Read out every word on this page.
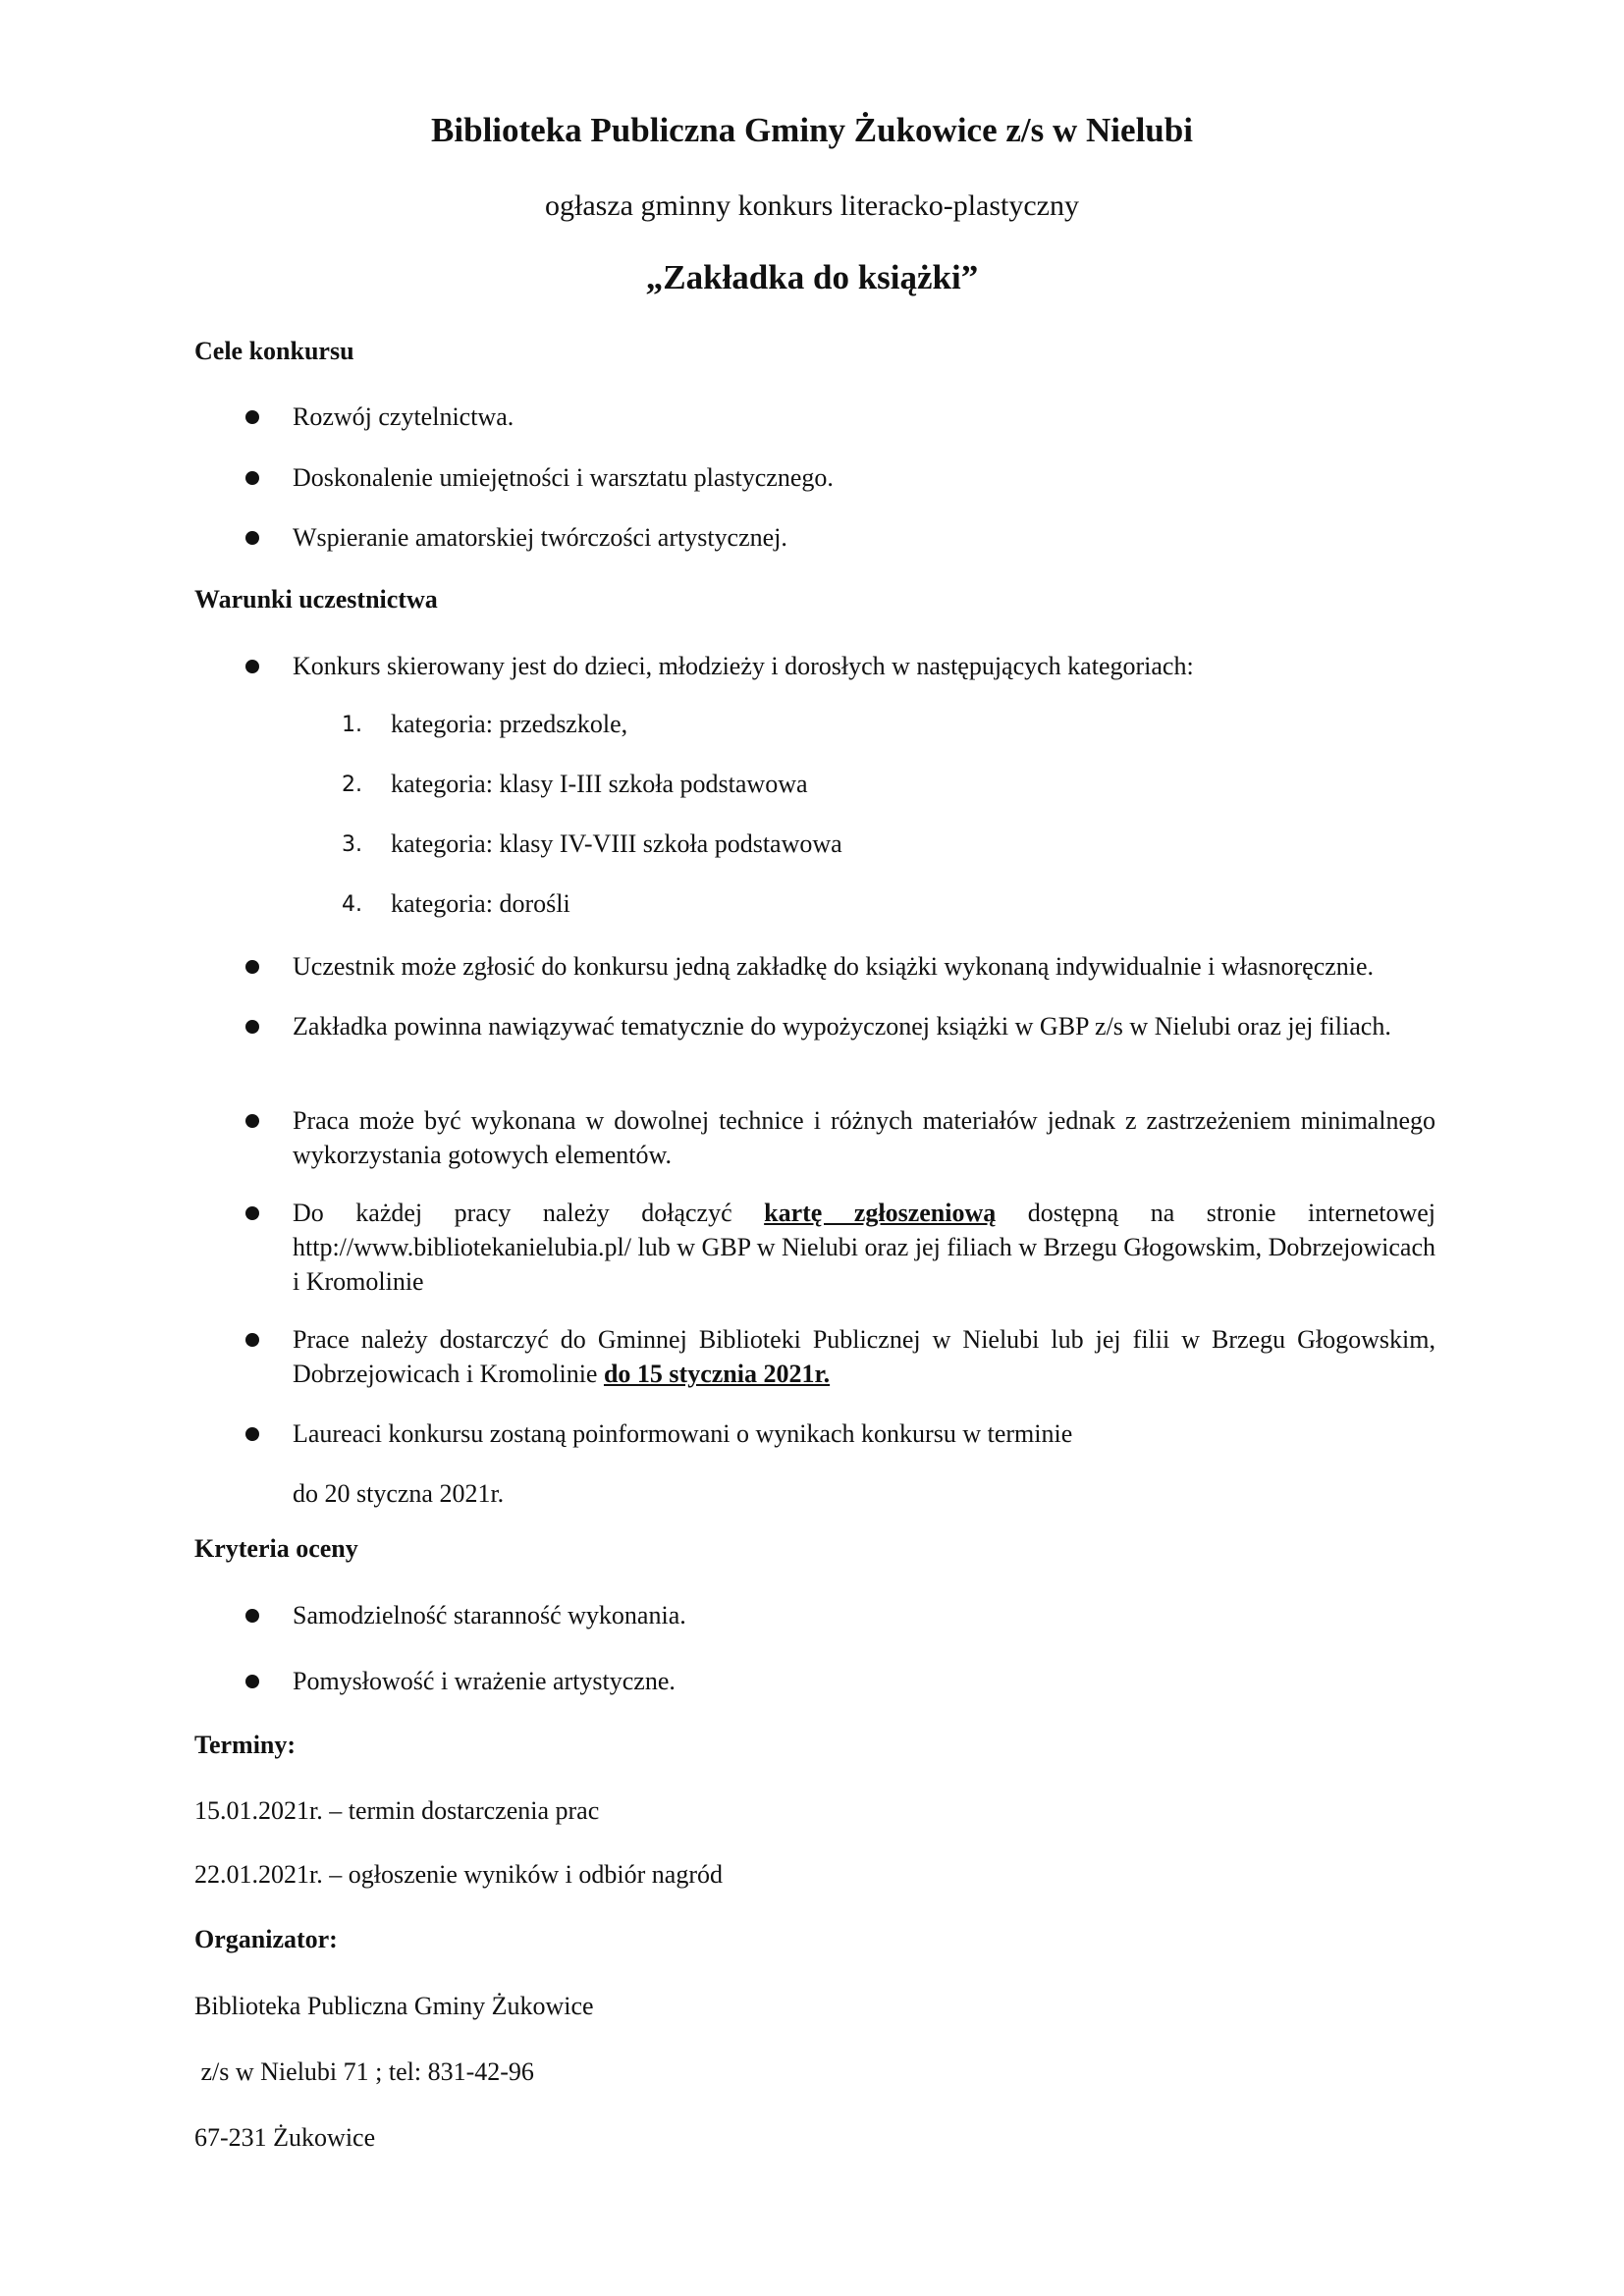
Biblioteka Publiczna Gminy Żukowice z/s w Nielubi
ogłasza gminny konkurs literacko-plastyczny
„Zakładka do książki”
Cele konkursu
Rozwój czytelnictwa.
Doskonalenie umiejętności i warsztatu plastycznego.
Wspieranie amatorskiej twórczości artystycznej.
Warunki uczestnictwa
Konkurs skierowany jest do dzieci, młodzieży i dorosłych w następujących kategoriach:
1. kategoria: przedszkole,
2. kategoria: klasy I-III szkoła podstawowa
3. kategoria: klasy IV-VIII szkoła podstawowa
4. kategoria: dorośli
Uczestnik może zgłosić do konkursu jedną zakładkę do książki wykonaną indywidualnie i własnoręcznie.
Zakładka powinna nawiązywać tematycznie do wypożyczonej książki w GBP z/s w Nielubi oraz jej filiach.
Praca może być wykonana w dowolnej technice i różnych materiałów jednak z zastrzeżeniem minimalnego wykorzystania gotowych elementów.
Do każdej pracy należy dołączyć kartę zgłoszeniową dostępną na stronie internetowej http://www.bibliotekanielubia.pl/ lub w GBP w Nielubi oraz jej filiach w Brzegu Głogowskim, Dobrzejowicach i Kromolinie
Prace należy dostarczyć do Gminnej Biblioteki Publicznej w Nielubi lub jej filii w Brzegu Głogowskim, Dobrzejowicach i Kromolinie do 15 stycznia 2021r.
Laureaci konkursu zostaną poinformowani o wynikach konkursu w terminie
do 20 styczna 2021r.
Kryteria oceny
Samodzielność staranność wykonania.
Pomysłowość i wrażenie artystyczne.
Terminy:
15.01.2021r. – termin dostarczenia prac
22.01.2021r. – ogłoszenie wyników i odbiór nagród
Organizator:
Biblioteka Publiczna Gminy Żukowice
z/s w Nielubi 71 ; tel: 831-42-96
67-231 Żukowice
